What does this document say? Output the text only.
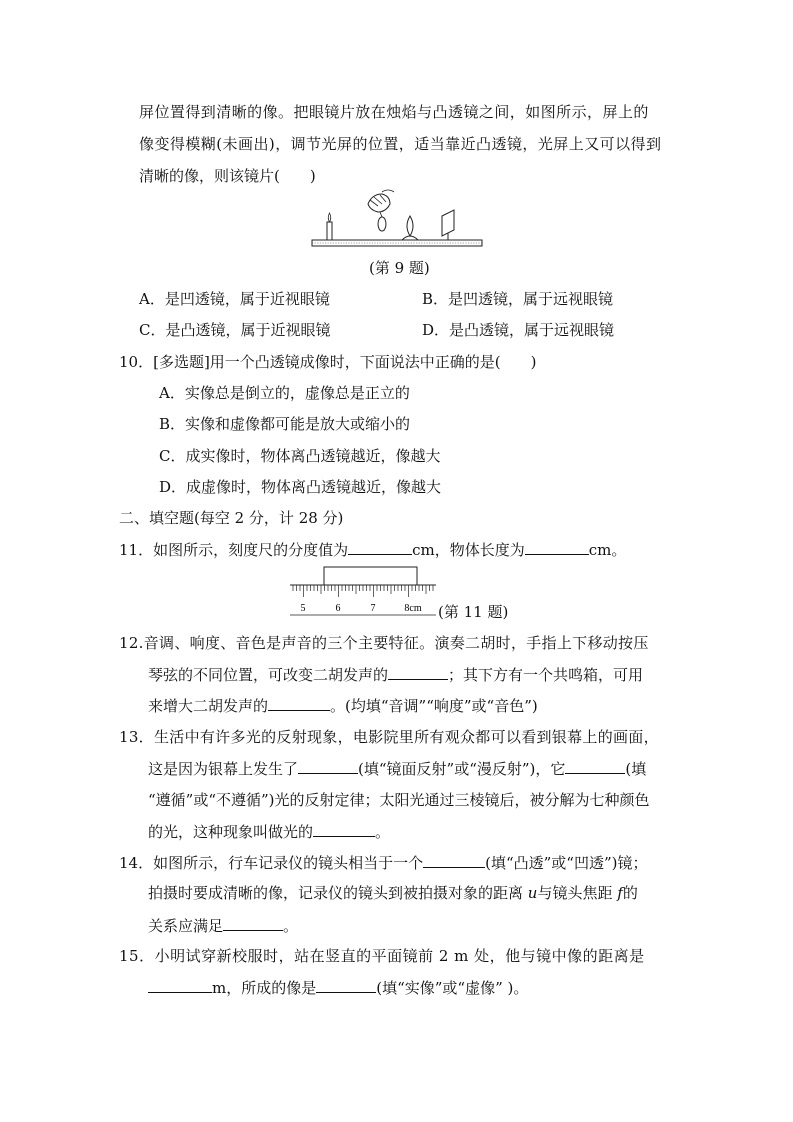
屏位置得到清晰的像。把眼镜片放在烛焰与凸透镜之间，如图所示，屏上的
像变得模糊(未画出)，调节光屏的位置，适当靠近凸透镜，光屏上又可以得到
清晰的像，则该镜片(　　)
(第 9 题)
A．是凹透镜，属于近视眼镜	B．是凹透镜，属于远视眼镜
C．是凸透镜，属于近视眼镜	D．是凸透镜，属于远视眼镜
10．[多选题]用一个凸透镜成像时，下面说法中正确的是(　　)
A．实像总是倒立的，虚像总是正立的
B．实像和虚像都可能是放大或缩小的
C．成实像时，物体离凸透镜越近，像越大
D．成虚像时，物体离凸透镜越近，像越大
二、填空题(每空 2 分，计 28 分)
11．如图所示，刻度尺的分度值为	cm，物体长度为	cm。
5	6	7	8cm (第 11 题)
12.音调、响度、音色是声音的三个主要特征。演奏二胡时，手指上下移动按压
琴弦的不同位置，可改变二胡发声的	；其下方有一个共鸣箱，可用
来增大二胡发声的	。(均填“音调”“响度”或“音色”)
13．生活中有许多光的反射现象，电影院里所有观众都可以看到银幕上的画面，
这是因为银幕上发生了	(填“镜面反射”或“漫反射”)，它	(填
“遵循”或“不遵循”)光的反射定律；太阳光通过三棱镜后，被分解为七种颜色
的光，这种现象叫做光的	。
14．如图所示，行车记录仪的镜头相当于一个	(填“凸透”或“凹透”)镜；
拍摄时要成清晰的像，记录仪的镜头到被拍摄对象的距离 u与镜头焦距 f的
关系应满足	。
15．小明试穿新校服时，站在竖直的平面镜前 2 m 处，他与镜中像的距离是
m，所成的像是	(填“实像”或“虚像” )。
